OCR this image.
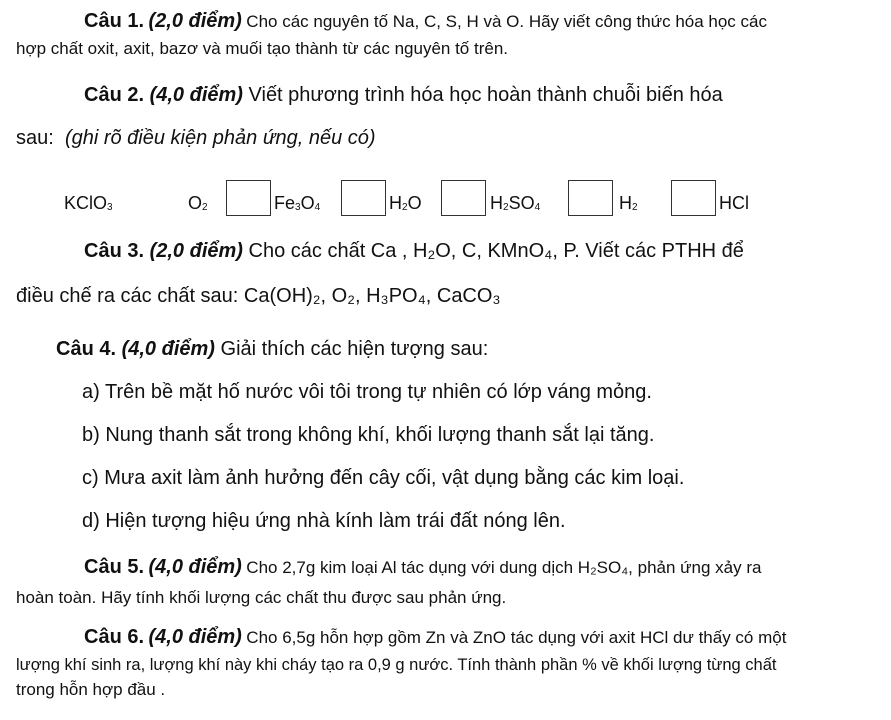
Câu 1. (2,0 điểm) Cho các nguyên tố Na, C, S, H và O. Hãy viết công thức hóa học các
hợp chất oxit, axit, bazơ và muối tạo thành từ các nguyên tố trên.
Câu 2. (4,0 điểm) Viết phương trình hóa học hoàn thành chuỗi biến hóa
sau: (ghi rõ điều kiện phản ứng, nếu có)
KClO$_3$	$O_2$	$Fe_3O_4$	$H_2O$	$H_2SO_4$	$H_2$	HCl
Câu 3. (2,0 điểm) Cho các chất Ca , H₂O, C, KMnO₄, P. Viết các PTHH để
điều chế ra các chất sau: Ca(OH)₂, O₂, H₃PO₄, CaCO₃
Câu 4. (4,0 điểm) Giải thích các hiện tượng sau:
a) Trên bề mặt hố nước vôi tôi trong tự nhiên có lớp váng mỏng.
b) Nung thanh sắt trong không khí, khối lượng thanh sắt lại tăng.
c) Mưa axit làm ảnh hưởng đến cây cối, vật dụng bằng các kim loại.
d) Hiện tượng hiệu ứng nhà kính làm trái đất nóng lên.
Câu 5. (4,0 điểm) Cho 2,7g kim loại Al tác dụng với dung dịch H₂SO₄, phản ứng xảy ra
hoàn toàn. Hãy tính khối lượng các chất thu được sau phản ứng.
Câu 6. (4,0 điểm) Cho 6,5g hỗn hợp gồm Zn và ZnO tác dụng với axit HCl dư thấy có một
lượng khí sinh ra, lượng khí này khi cháy tạo ra 0,9 g nước. Tính thành phần % về khối lượng từng chất
trong hỗn hợp đầu .
